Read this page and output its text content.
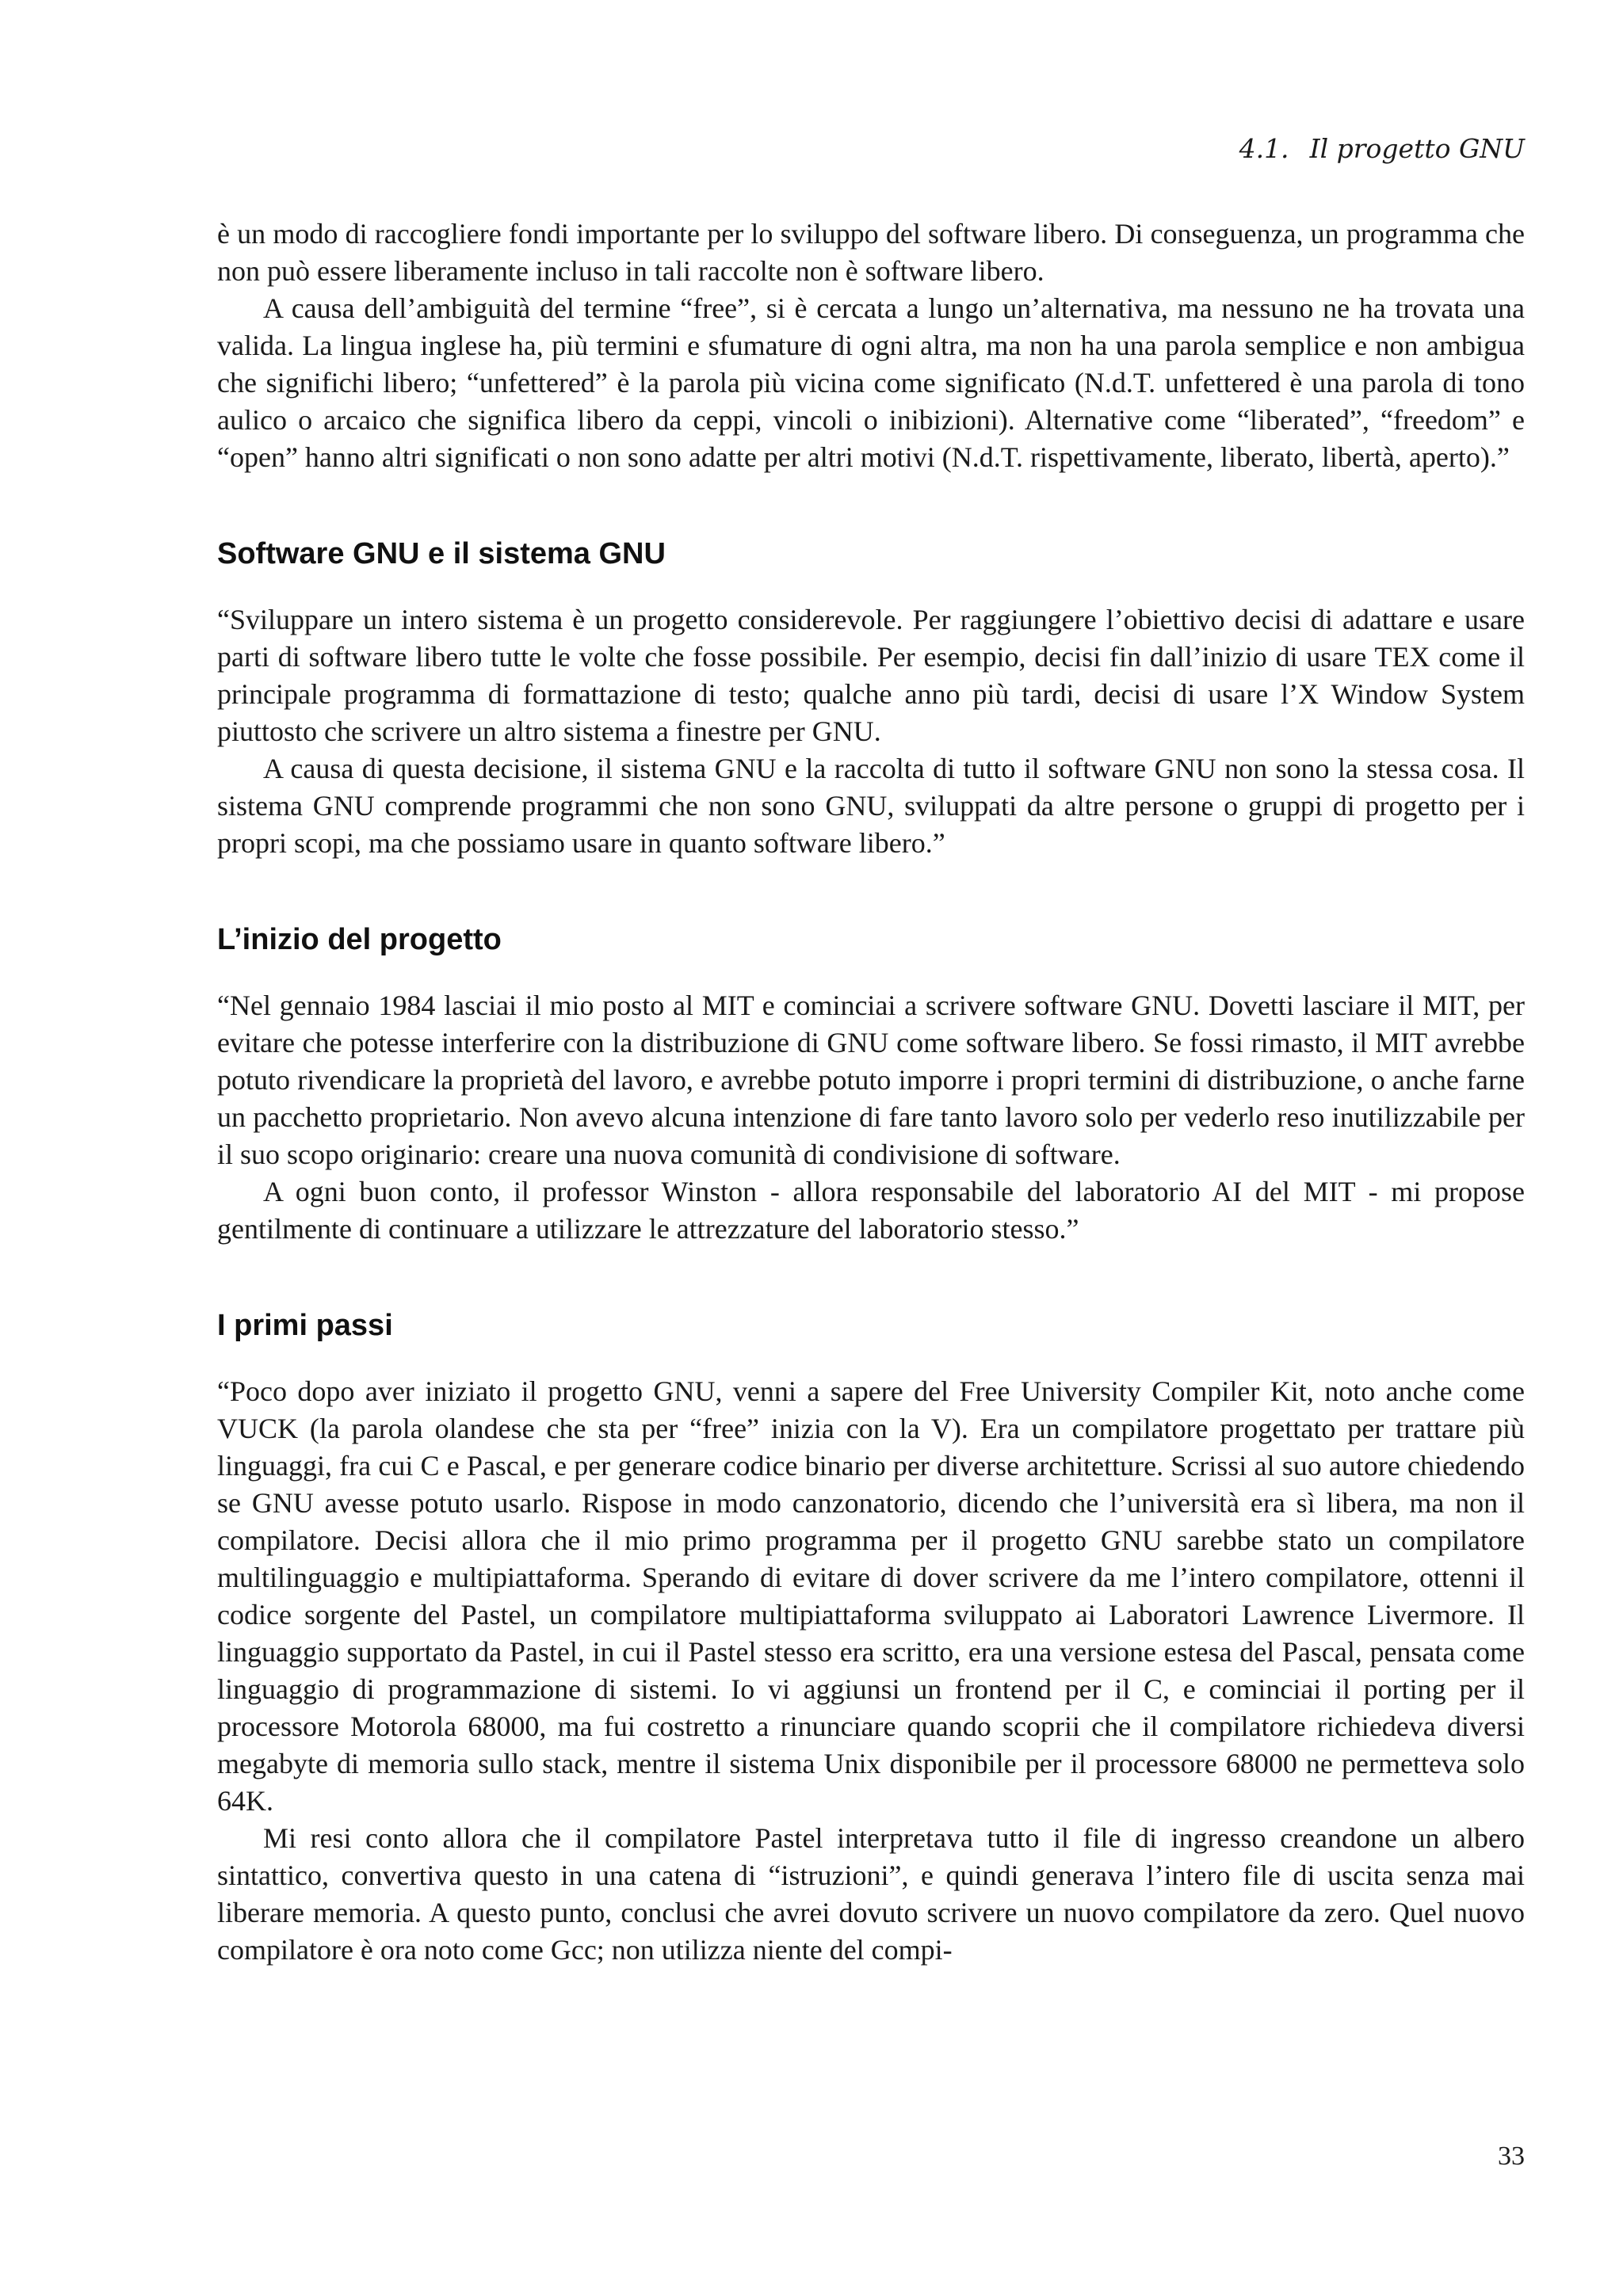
4.1. Il progetto GNU

è un modo di raccogliere fondi importante per lo sviluppo del software libero. Di conseguenza, un programma che non può essere liberamente incluso in tali raccolte non è software libero.

A causa dell’ambiguità del termine “free”, si è cercata a lungo un’alternativa, ma nessuno ne ha trovata una valida. La lingua inglese ha, più termini e sfumature di ogni altra, ma non ha una parola semplice e non ambigua che significhi libero; “unfettered” è la parola più vicina come significato (N.d.T. unfettered è una parola di tono aulico o arcaico che significa libero da ceppi, vincoli o inibizioni). Alternative come “liberated”, “freedom” e “open” hanno altri significati o non sono adatte per altri motivi (N.d.T. rispettivamente, liberato, libertà, aperto).”

Software GNU e il sistema GNU

“Sviluppare un intero sistema è un progetto considerevole. Per raggiungere l’obiettivo decisi di adattare e usare parti di software libero tutte le volte che fosse possibile. Per esempio, decisi fin dall’inizio di usare TEX come il principale programma di formattazione di testo; qualche anno più tardi, decisi di usare l’X Window System piuttosto che scrivere un altro sistema a finestre per GNU.

A causa di questa decisione, il sistema GNU e la raccolta di tutto il software GNU non sono la stessa cosa. Il sistema GNU comprende programmi che non sono GNU, sviluppati da altre persone o gruppi di progetto per i propri scopi, ma che possiamo usare in quanto software libero.”

L’inizio del progetto

“Nel gennaio 1984 lasciai il mio posto al MIT e cominciai a scrivere software GNU. Dovetti lasciare il MIT, per evitare che potesse interferire con la distribuzione di GNU come software libero. Se fossi rimasto, il MIT avrebbe potuto rivendicare la proprietà del lavoro, e avrebbe potuto imporre i propri termini di distribuzione, o anche farne un pacchetto proprietario. Non avevo alcuna intenzione di fare tanto lavoro solo per vederlo reso inutilizzabile per il suo scopo originario: creare una nuova comunità di condivisione di software.

A ogni buon conto, il professor Winston - allora responsabile del laboratorio AI del MIT - mi propose gentilmente di continuare a utilizzare le attrezzature del laboratorio stesso.”

I primi passi

“Poco dopo aver iniziato il progetto GNU, venni a sapere del Free University Compiler Kit, noto anche come VUCK (la parola olandese che sta per “free” inizia con la V). Era un compilatore progettato per trattare più linguaggi, fra cui C e Pascal, e per generare codice binario per diverse architetture. Scrissi al suo autore chiedendo se GNU avesse potuto usarlo. Rispose in modo canzonatorio, dicendo che l’università era sì libera, ma non il compilatore. Decisi allora che il mio primo programma per il progetto GNU sarebbe stato un compilatore multilinguaggio e multipiattaforma. Sperando di evitare di dover scrivere da me l’intero compilatore, ottenni il codice sorgente del Pastel, un compilatore multipiattaforma sviluppato ai Laboratori Lawrence Livermore. Il linguaggio supportato da Pastel, in cui il Pastel stesso era scritto, era una versione estesa del Pascal, pensata come linguaggio di programmazione di sistemi. Io vi aggiunsi un frontend per il C, e cominciai il porting per il processore Motorola 68000, ma fui costretto a rinunciare quando scoprii che il compilatore richiedeva diversi megabyte di memoria sullo stack, mentre il sistema Unix disponibile per il processore 68000 ne permetteva solo 64K.

Mi resi conto allora che il compilatore Pastel interpretava tutto il file di ingresso creandone un albero sintattico, convertiva questo in una catena di “istruzioni”, e quindi generava l’intero file di uscita senza mai liberare memoria. A questo punto, conclusi che avrei dovuto scrivere un nuovo compilatore da zero. Quel nuovo compilatore è ora noto come Gcc; non utilizza niente del compi-

33
